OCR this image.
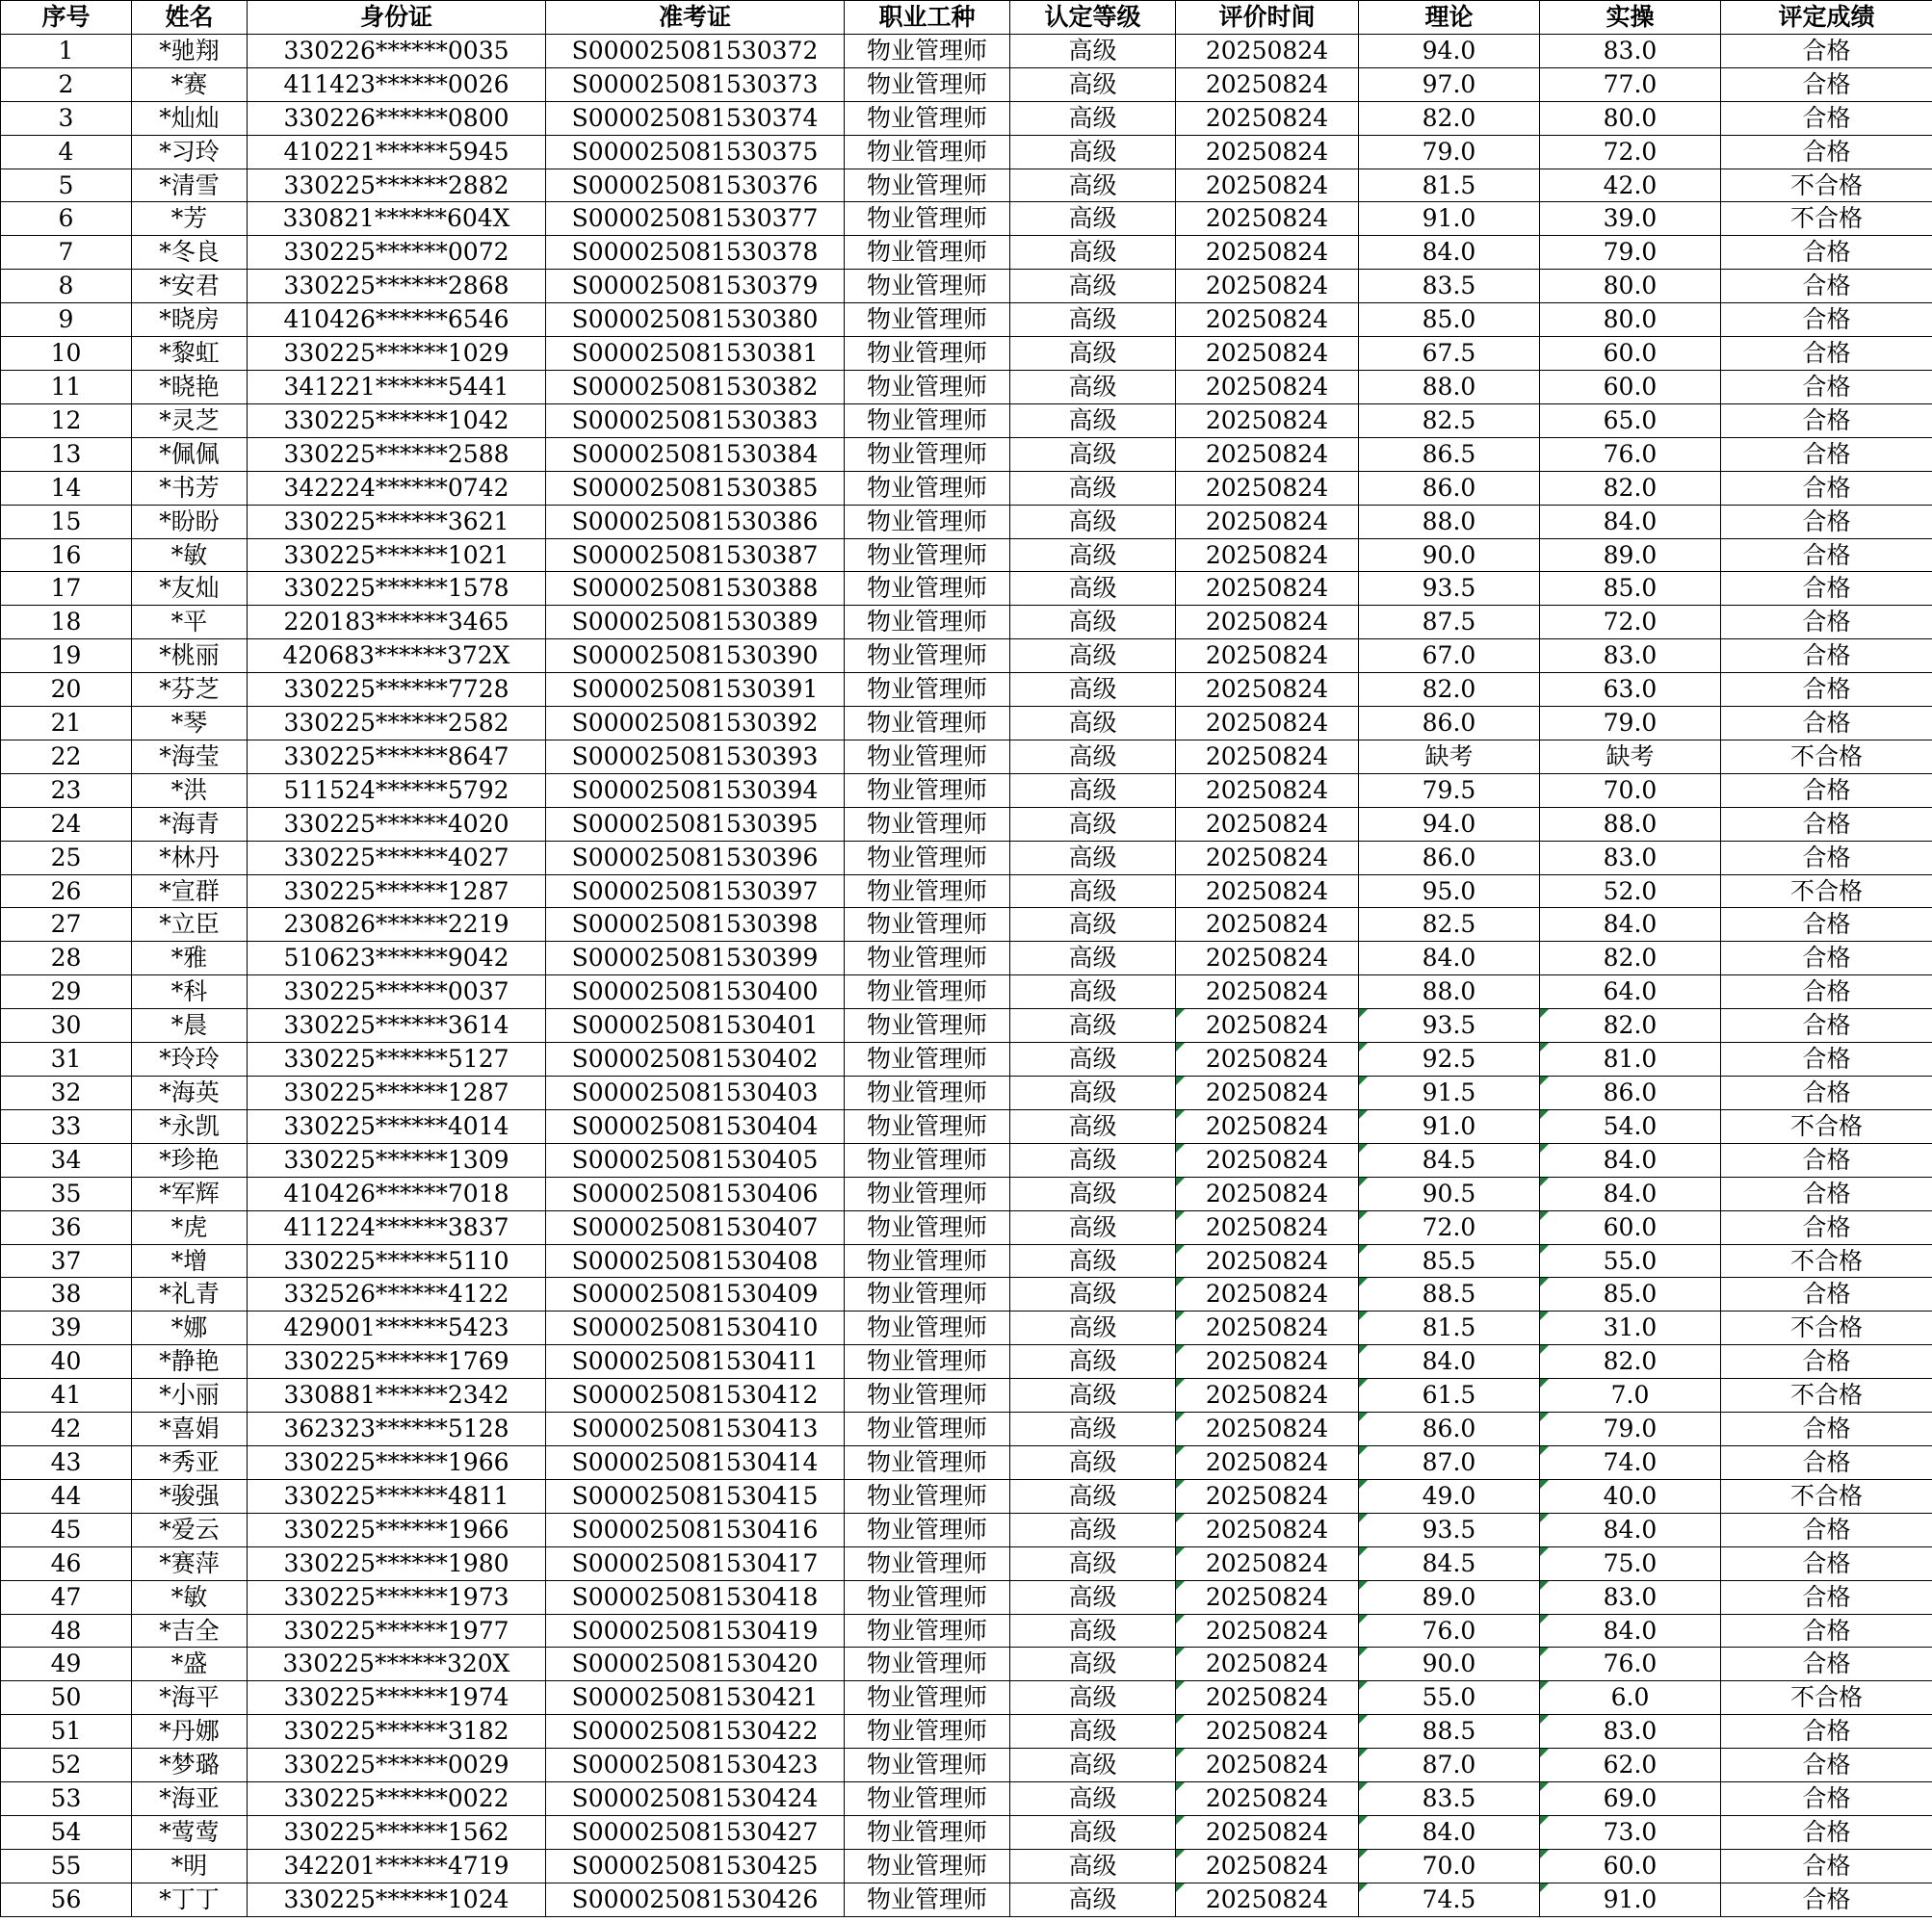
序号	姓名	身份证	准考证	职业工种	认定等级	评价时间	理论	实操	评定成绩
1	*驰翔	330226******0035	S000025081530372	物业管理师	高级	20250824	94.0	83.0	合格
2	*赛	411423******0026	S000025081530373	物业管理师	高级	20250824	97.0	77.0	合格
3	*灿灿	330226******0800	S000025081530374	物业管理师	高级	20250824	82.0	80.0	合格
4	*习玲	410221******5945	S000025081530375	物业管理师	高级	20250824	79.0	72.0	合格
5	*清雪	330225******2882	S000025081530376	物业管理师	高级	20250824	81.5	42.0	不合格
6	*芳	330821******604X	S000025081530377	物业管理师	高级	20250824	91.0	39.0	不合格
7	*冬良	330225******0072	S000025081530378	物业管理师	高级	20250824	84.0	79.0	合格
8	*安君	330225******2868	S000025081530379	物业管理师	高级	20250824	83.5	80.0	合格
9	*晓房	410426******6546	S000025081530380	物业管理师	高级	20250824	85.0	80.0	合格
10	*黎虹	330225******1029	S000025081530381	物业管理师	高级	20250824	67.5	60.0	合格
11	*晓艳	341221******5441	S000025081530382	物业管理师	高级	20250824	88.0	60.0	合格
12	*灵芝	330225******1042	S000025081530383	物业管理师	高级	20250824	82.5	65.0	合格
13	*佩佩	330225******2588	S000025081530384	物业管理师	高级	20250824	86.5	76.0	合格
14	*书芳	342224******0742	S000025081530385	物业管理师	高级	20250824	86.0	82.0	合格
15	*盼盼	330225******3621	S000025081530386	物业管理师	高级	20250824	88.0	84.0	合格
16	*敏	330225******1021	S000025081530387	物业管理师	高级	20250824	90.0	89.0	合格
17	*友灿	330225******1578	S000025081530388	物业管理师	高级	20250824	93.5	85.0	合格
18	*平	220183******3465	S000025081530389	物业管理师	高级	20250824	87.5	72.0	合格
19	*桃丽	420683******372X	S000025081530390	物业管理师	高级	20250824	67.0	83.0	合格
20	*芬芝	330225******7728	S000025081530391	物业管理师	高级	20250824	82.0	63.0	合格
21	*琴	330225******2582	S000025081530392	物业管理师	高级	20250824	86.0	79.0	合格
22	*海莹	330225******8647	S000025081530393	物业管理师	高级	20250824	缺考	缺考	不合格
23	*洪	511524******5792	S000025081530394	物业管理师	高级	20250824	79.5	70.0	合格
24	*海青	330225******4020	S000025081530395	物业管理师	高级	20250824	94.0	88.0	合格
25	*林丹	330225******4027	S000025081530396	物业管理师	高级	20250824	86.0	83.0	合格
26	*宣群	330225******1287	S000025081530397	物业管理师	高级	20250824	95.0	52.0	不合格
27	*立臣	230826******2219	S000025081530398	物业管理师	高级	20250824	82.5	84.0	合格
28	*雅	510623******9042	S000025081530399	物业管理师	高级	20250824	84.0	82.0	合格
29	*科	330225******0037	S000025081530400	物业管理师	高级	20250824	88.0	64.0	合格
30	*晨	330225******3614	S000025081530401	物业管理师	高级	20250824	93.5	82.0	合格
31	*玲玲	330225******5127	S000025081530402	物业管理师	高级	20250824	92.5	81.0	合格
32	*海英	330225******1287	S000025081530403	物业管理师	高级	20250824	91.5	86.0	合格
33	*永凯	330225******4014	S000025081530404	物业管理师	高级	20250824	91.0	54.0	不合格
34	*珍艳	330225******1309	S000025081530405	物业管理师	高级	20250824	84.5	84.0	合格
35	*军辉	410426******7018	S000025081530406	物业管理师	高级	20250824	90.5	84.0	合格
36	*虎	411224******3837	S000025081530407	物业管理师	高级	20250824	72.0	60.0	合格
37	*增	330225******5110	S000025081530408	物业管理师	高级	20250824	85.5	55.0	不合格
38	*礼青	332526******4122	S000025081530409	物业管理师	高级	20250824	88.5	85.0	合格
39	*娜	429001******5423	S000025081530410	物业管理师	高级	20250824	81.5	31.0	不合格
40	*静艳	330225******1769	S000025081530411	物业管理师	高级	20250824	84.0	82.0	合格
41	*小丽	330881******2342	S000025081530412	物业管理师	高级	20250824	61.5	7.0	不合格
42	*喜娟	362323******5128	S000025081530413	物业管理师	高级	20250824	86.0	79.0	合格
43	*秀亚	330225******1966	S000025081530414	物业管理师	高级	20250824	87.0	74.0	合格
44	*骏强	330225******4811	S000025081530415	物业管理师	高级	20250824	49.0	40.0	不合格
45	*爱云	330225******1966	S000025081530416	物业管理师	高级	20250824	93.5	84.0	合格
46	*赛萍	330225******1980	S000025081530417	物业管理师	高级	20250824	84.5	75.0	合格
47	*敏	330225******1973	S000025081530418	物业管理师	高级	20250824	89.0	83.0	合格
48	*吉全	330225******1977	S000025081530419	物业管理师	高级	20250824	76.0	84.0	合格
49	*盛	330225******320X	S000025081530420	物业管理师	高级	20250824	90.0	76.0	合格
50	*海平	330225******1974	S000025081530421	物业管理师	高级	20250824	55.0	6.0	不合格
51	*丹娜	330225******3182	S000025081530422	物业管理师	高级	20250824	88.5	83.0	合格
52	*梦璐	330225******0029	S000025081530423	物业管理师	高级	20250824	87.0	62.0	合格
53	*海亚	330225******0022	S000025081530424	物业管理师	高级	20250824	83.5	69.0	合格
54	*莺莺	330225******1562	S000025081530427	物业管理师	高级	20250824	84.0	73.0	合格
55	*明	342201******4719	S000025081530425	物业管理师	高级	20250824	70.0	60.0	合格
56	*丁丁	330225******1024	S000025081530426	物业管理师	高级	20250824	74.5	91.0	合格
